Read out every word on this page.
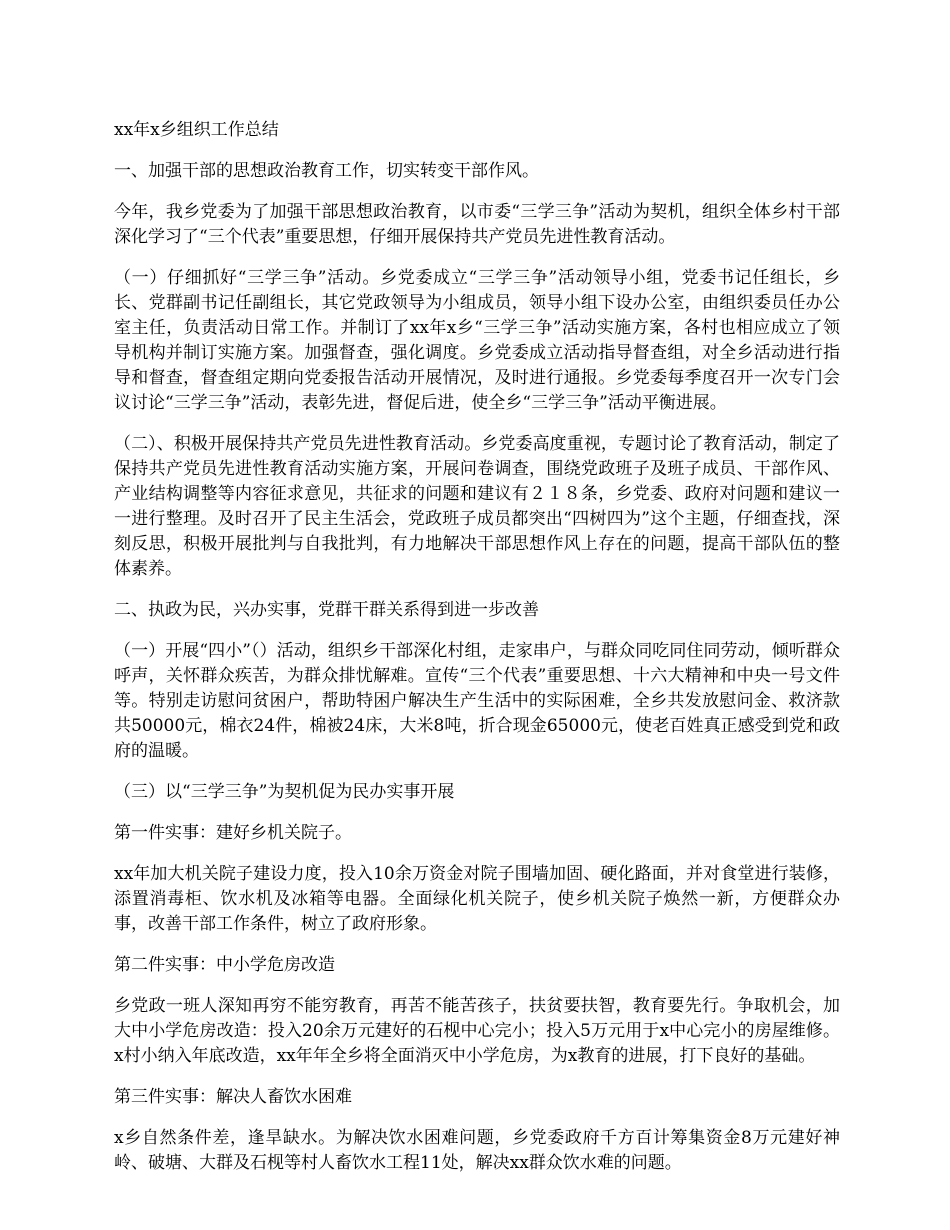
xx年x乡组织工作总结

一、加强干部的思想政治教育工作，切实转变干部作风。

今年，我乡党委为了加强干部思想政治教育，以市委“三学三争”活动为契机，组织全体乡村干部深化学习了“三个代表”重要思想，仔细开展保持共产党员先进性教育活动。

（一）仔细抓好“三学三争”活动。乡党委成立“三学三争”活动领导小组，党委书记任组长，乡长、党群副书记任副组长，其它党政领导为小组成员，领导小组下设办公室，由组织委员任办公室主任，负责活动日常工作。并制订了xx年x乡“三学三争”活动实施方案，各村也相应成立了领导机构并制订实施方案。加强督查，强化调度。乡党委成立活动指导督查组，对全乡活动进行指导和督查，督查组定期向党委报告活动开展情况，及时进行通报。乡党委每季度召开一次专门会议讨论“三学三争”活动，表彰先进，督促后进，使全乡“三学三争”活动平衡进展。

（二）、积极开展保持共产党员先进性教育活动。乡党委高度重视，专题讨论了教育活动，制定了保持共产党员先进性教育活动实施方案，开展问卷调查，围绕党政班子及班子成员、干部作风、产业结构调整等内容征求意见，共征求的问题和建议有２１８条，乡党委、政府对问题和建议一一进行整理。及时召开了民主生活会，党政班子成员都突出“四树四为”这个主题，仔细查找，深刻反思，积极开展批判与自我批判，有力地解决干部思想作风上存在的问题，提高干部队伍的整体素养。

二、执政为民，兴办实事，党群干群关系得到进一步改善

（一）开展“四小”（）活动，组织乡干部深化村组，走家串户，与群众同吃同住同劳动，倾听群众呼声，关怀群众疾苦，为群众排忧解难。宣传“三个代表”重要思想、十六大精神和中央一号文件等。特别走访慰问贫困户，帮助特困户解决生产生活中的实际困难，全乡共发放慰问金、救济款共50000元，棉衣24件，棉被24床，大米8吨，折合现金65000元，使老百姓真正感受到党和政府的温暖。

（三）以“三学三争”为契机促为民办实事开展

第一件实事：建好乡机关院子。

xx年加大机关院子建设力度，投入10余万资金对院子围墙加固、硬化路面，并对食堂进行装修，添置消毒柜、饮水机及冰箱等电器。全面绿化机关院子，使乡机关院子焕然一新，方便群众办事，改善干部工作条件，树立了政府形象。

第二件实事：中小学危房改造

乡党政一班人深知再穷不能穷教育，再苦不能苦孩子，扶贫要扶智，教育要先行。争取机会，加大中小学危房改造：投入20余万元建好的石枧中心完小；投入5万元用于x中心完小的房屋维修。x村小纳入年底改造，xx年年全乡将全面消灭中小学危房，为x教育的进展，打下良好的基础。

第三件实事：解决人畜饮水困难

x乡自然条件差，逢旱缺水。为解决饮水困难问题，乡党委政府千方百计筹集资金8万元建好神岭、破塘、大群及石枧等村人畜饮水工程11处，解决xx群众饮水难的问题。
